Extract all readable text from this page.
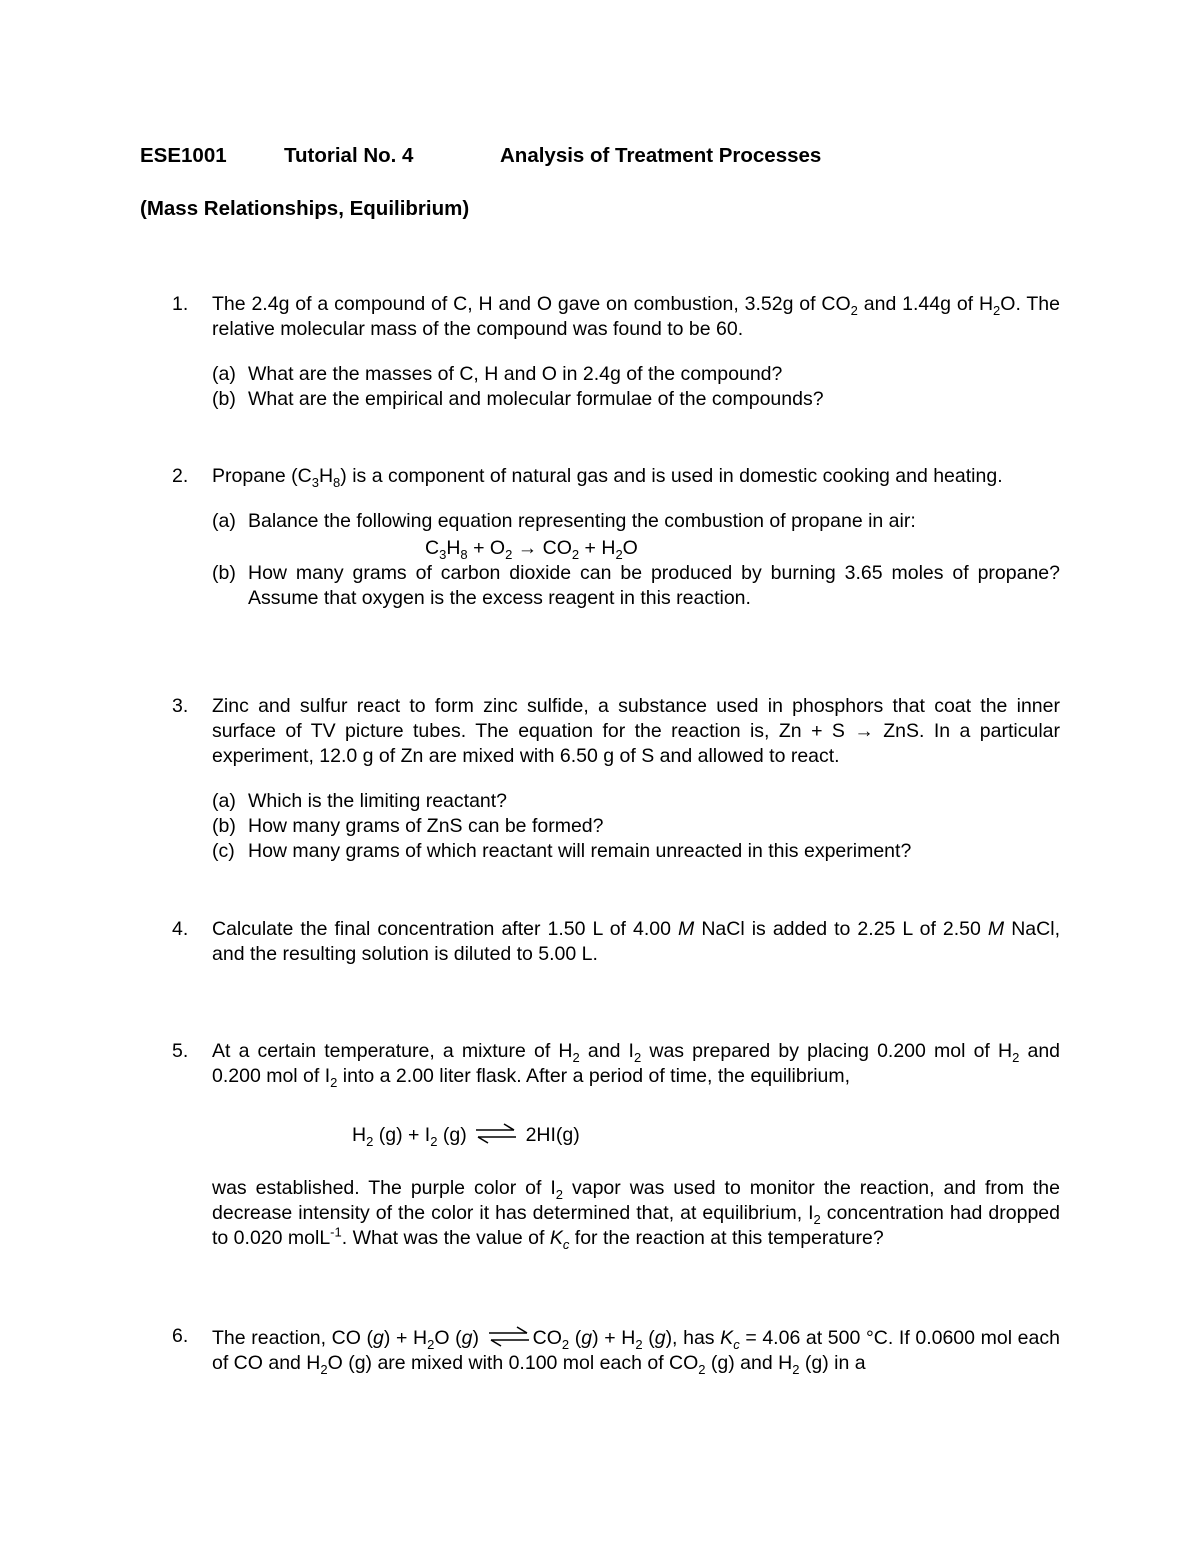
ESE1001	Tutorial No. 4	Analysis of Treatment Processes
(Mass Relationships, Equilibrium)
1. The 2.4g of a compound of C, H and O gave on combustion, 3.52g of $CO_2$ and 1.44g of $H_2O$. The relative molecular mass of the compound was found to be 60.

(a) What are the masses of C, H and O in 2.4g of the compound?

(b) What are the empirical and molecular formulae of the compounds?

2. Propane $(C_3H_8)$ is a component of natural gas and is used in domestic cooking and heating.

(a) Balance the following equation representing the combustion of propane in air:

$C_3H_8 + O_2 \to CO_2 + H_2O$

(b) How many grams of carbon dioxide can be produced by burning 3.65 moles of propane? Assume that oxygen is the excess reagent in this reaction.

3. Zinc and sulfur react to form zinc sulfide, a substance used in phosphors that coat the inner surface of TV picture tubes. The equation for the reaction is, Zn + S → ZnS. In a particular experiment, 12.0 g of Zn are mixed with 6.50 g of S and allowed to react.

(a) Which is the limiting reactant?

(b) How many grams of ZnS can be formed?

(c) How many grams of which reactant will remain unreacted in this experiment?

4. Calculate the final concentration after 1.50 L of 4.00 M NaCl is added to 2.25 L of 2.50 M NaCl, and the resulting solution is diluted to 5.00 L.

5. At a certain temperature, a mixture of $H_2$ and $I_2$ was prepared by placing 0.200 mol of $H_2$ and 0.200 mol of $I_2$ into a 2.00 liter flask. After a period of time, the equilibrium,

$H_2$ $(g) + I_2$ (g) ⇌ 2HI(g)

was established. The purple color of $I_2$ vapor was used to monitor the reaction, and from the decrease intensity of the color it has determined that, at equilibrium, $I_2$ concentration had dropped to 0.020 molL$^{-1}$. What was the value of $K_c$ for the reaction at this temperature?

6. The reaction, CO $(g) + H_2O$ (g) ⇌ $CO_2$ $(g) + H_2$ (g), has $K_c = 4.06$ at 500 °C. If 0.0600 mol each of CO and $H_2O$ (g) are mixed with 0.100 mol each of $CO_2$ (g) and $H_2$ (g) in a
